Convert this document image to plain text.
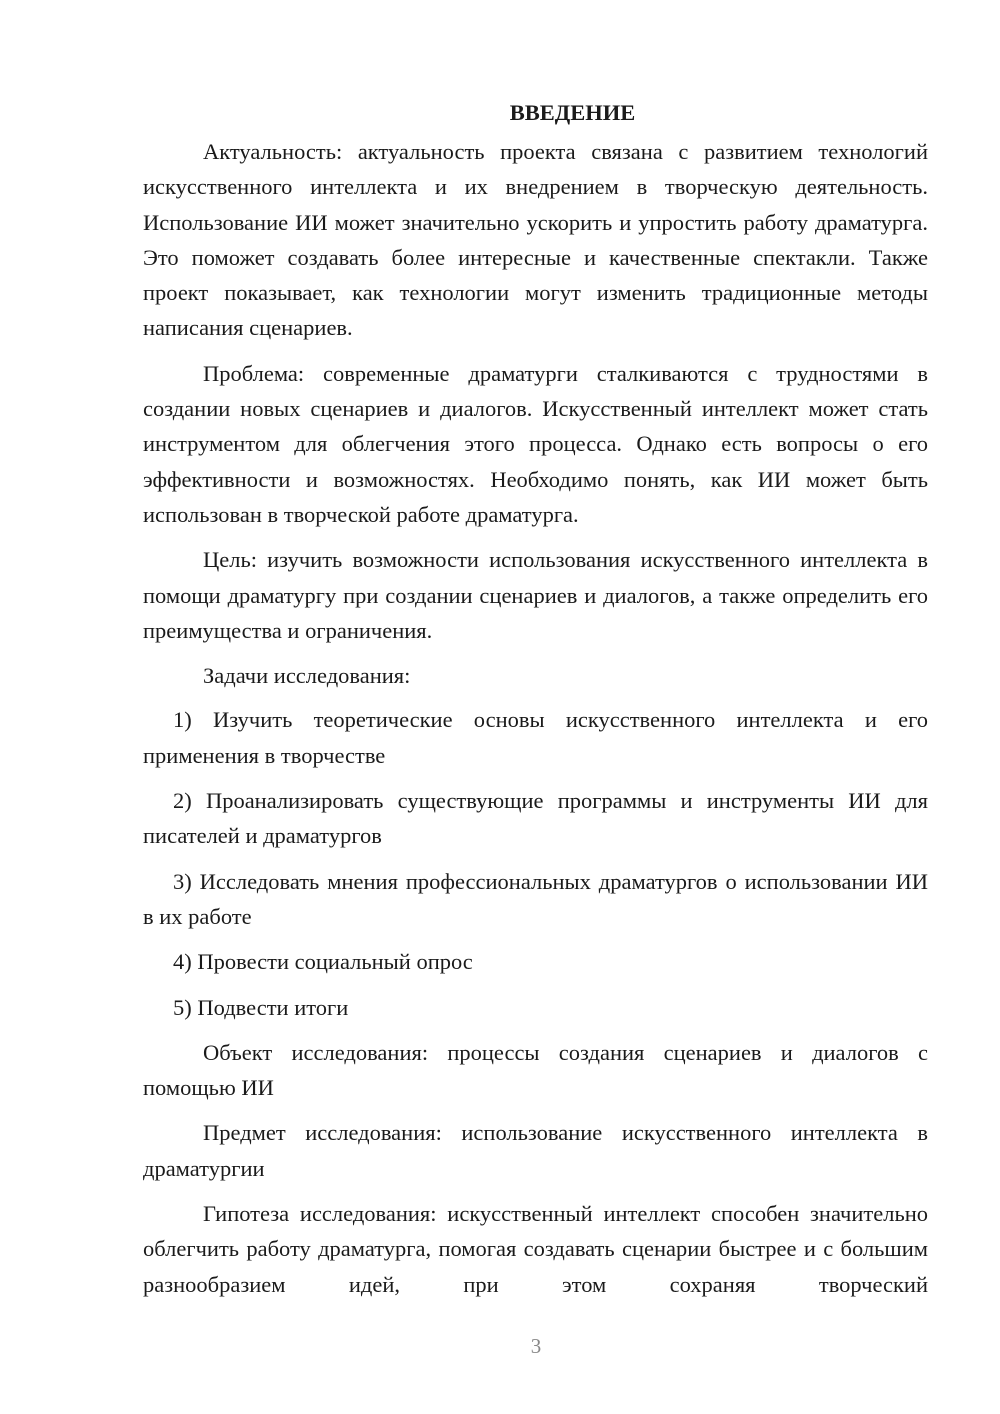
ВВЕДЕНИЕ

Актуальность: актуальность проекта связана с развитием технологий искусственного интеллекта и их внедрением в творческую деятельность. Использование ИИ может значительно ускорить и упростить работу драматурга. Это поможет создавать более интересные и качественные спектакли. Также проект показывает, как технологии могут изменить традиционные методы написания сценариев.

Проблема: современные драматурги сталкиваются с трудностями в создании новых сценариев и диалогов. Искусственный интеллект может стать инструментом для облегчения этого процесса. Однако есть вопросы о его эффективности и возможностях. Необходимо понять, как ИИ может быть использован в творческой работе драматурга.

Цель: изучить возможности использования искусственного интеллекта в помощи драматургу при создании сценариев и диалогов, а также определить его преимущества и ограничения.

Задачи исследования:

1) Изучить теоретические основы искусственного интеллекта и его применения в творчестве

2) Проанализировать существующие программы и инструменты ИИ для писателей и драматургов

3) Исследовать мнения профессиональных драматургов о использовании ИИ в их работе

4) Провести социальный опрос

5) Подвести итоги

Объект исследования: процессы создания сценариев и диалогов с помощью ИИ

Предмет исследования: использование искусственного интеллекта в драматургии

Гипотеза исследования: искусственный интеллект способен значительно облегчить работу драматурга, помогая создавать сценарии быстрее и с большим разнообразием идей, при этом сохраняя творческий

3
